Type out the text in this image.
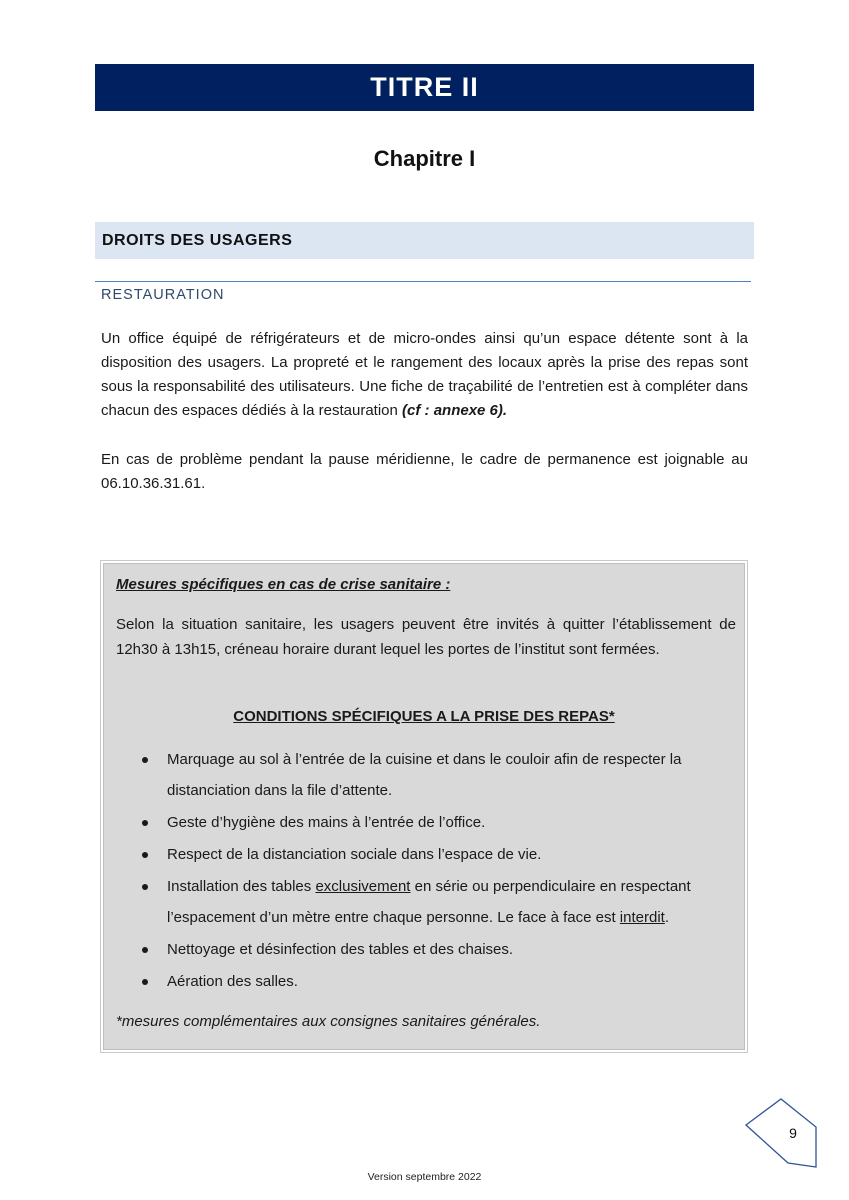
TITRE II
Chapitre I
DROITS DES USAGERS
RESTAURATION
Un office équipé de réfrigérateurs et de micro-ondes ainsi qu’un espace détente sont à la disposition des usagers. La propreté et le rangement des locaux après la prise des repas sont sous la responsabilité des utilisateurs. Une fiche de traçabilité de l’entretien est à compléter dans chacun des espaces dédiés à la restauration (cf : annexe 6).
En cas de problème pendant la pause méridienne, le cadre de permanence est joignable au 06.10.36.31.61.
Mesures spécifiques en cas de crise sanitaire :
Selon la situation sanitaire, les usagers peuvent être invités à quitter l’établissement de 12h30 à 13h15, créneau horaire durant lequel les portes de l’institut sont fermées.
CONDITIONS SPÉCIFIQUES A LA PRISE DES REPAS*
Marquage au sol à l’entrée de la cuisine et dans le couloir afin de respecter la distanciation dans la file d’attente.
Geste d’hygiène des mains à l’entrée de l’office.
Respect de la distanciation sociale dans l’espace de vie.
Installation des tables exclusivement en série ou perpendiculaire en respectant l’espacement d’un mètre entre chaque personne. Le face à face est interdit.
Nettoyage et désinfection des tables et des chaises.
Aération des salles.
*mesures complémentaires aux consignes sanitaires générales.
9
Version septembre 2022
